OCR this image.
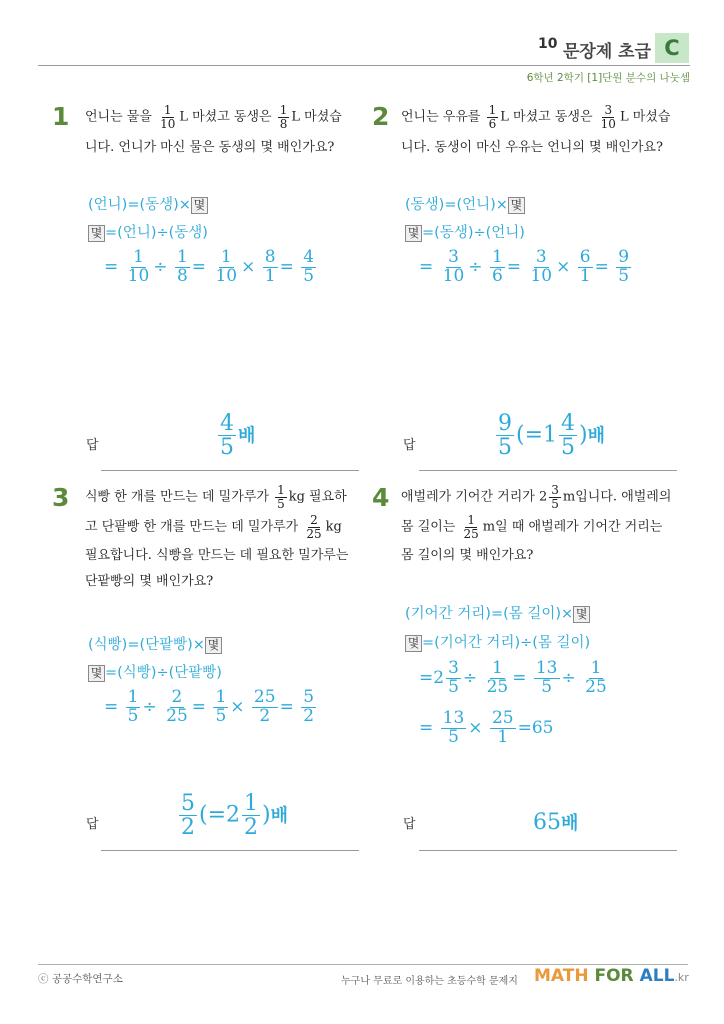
10 문장제 초급 C
6학년 2학기 [1]단원 분수의 나눗셈
1 언니는 물을 $\frac{1}{10}$ L 마셨고 동생은 $\frac{1}{8}$ L 마셨습
니다. 언니가 마신 물은 동생의 몇 배인가요?
(언니)=(동생)× 몇
몇 =(언니)÷(동생)
= $\frac{1}{10} \div \frac{1}{8} = \frac{1}{10} \times \frac{8}{1} = \frac{4}{5}$
답	$\frac{4}{5}$ 배
2 언니는 우유를 $\frac{1}{6}$ L 마셨고 동생은 $\frac{3}{10}$ L 마셨습
니다. 동생이 마신 우유는 언니의 몇 배인가요?
(동생)=(언니)× 몇
몇 =(동생)÷(언니)
= $\frac{3}{10} \div \frac{1}{6} = \frac{3}{10} \times \frac{6}{1} = \frac{9}{5}$
답	$\frac{9}{5} (=1 \frac{4}{5}$ )배
3 식빵 한 개를 만드는 데 밀가루가 $\frac{1}{5}$ kg 필요하
고 단팥빵 한 개를 만드는 데 밀가루가 $\frac{2}{25}$ kg
필요합니다. 식빵을 만드는 데 필요한 밀가루는
단팥빵의 몇 배인가요?
(식빵)=(단팥빵)× 몇
몇 =(식빵)÷(단팥빵)
= $\frac{1}{5} \div \frac{2}{25} = \frac{1}{5} \times \frac{25}{2} = \frac{5}{2}$
답	$\frac{5}{2} (=2 \frac{1}{2}$ )배
4 애벌레가 기어간 거리가 $2 \frac{3}{5}$ m입니다. 애벌레의
몸 길이는 $\frac{1}{25}$ m일 때 애벌레가 기어간 거리는
몸 길이의 몇 배인가요?
(기어간 거리)=(몸 길이)× 몇
몇 =(기어간 거리)÷(몸 길이)
$=2 \frac{3}{5} \div \frac{1}{25} = \frac{13}{5} \div \frac{1}{25}$
= $\frac{13}{5} \times \frac{25}{1} =65$
답	65배
ⓒ 공공수학연구소	누구나 무료로 이용하는 초등수학 문제지 MATH FOR ALL.kr
